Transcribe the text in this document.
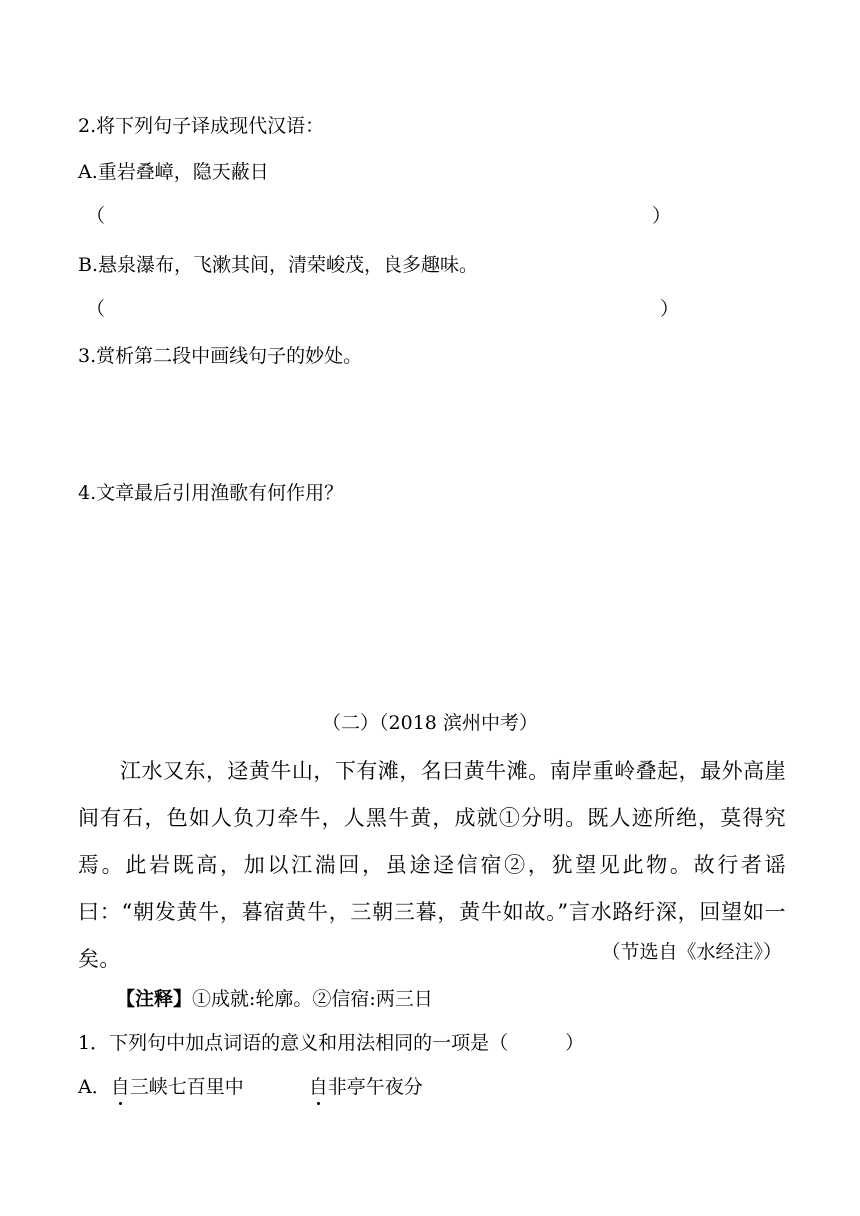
2.将下列句子译成现代汉语：
A.重岩叠嶂，隐天蔽日
（	）
B.悬泉瀑布，飞漱其间，清荣峻茂，良多趣味。
（	）
3.赏析第二段中画线句子的妙处。
4.文章最后引用渔歌有何作用？
（二）（2018 滨州中考）
江水又东，迳黄牛山，下有滩，名曰黄牛滩。南岸重岭叠起，最外高崖间有石，色如人负刀牵牛，人黑牛黄，成就①分明。既人迹所绝，莫得究焉。此岩既高，加以江湍回，虽途迳信宿②，犹望见此物。故行者谣曰：“朝发黄牛，暮宿黄牛，三朝三暮，黄牛如故。”言水路纡深，回望如一矣。	（节选自《水经注》）
【注释】①成就:轮廓。②信宿:两三日
1．下列句中加点词语的意义和用法相同的一项是（　　　）
A．自三峡七百里中	自非亭午夜分
